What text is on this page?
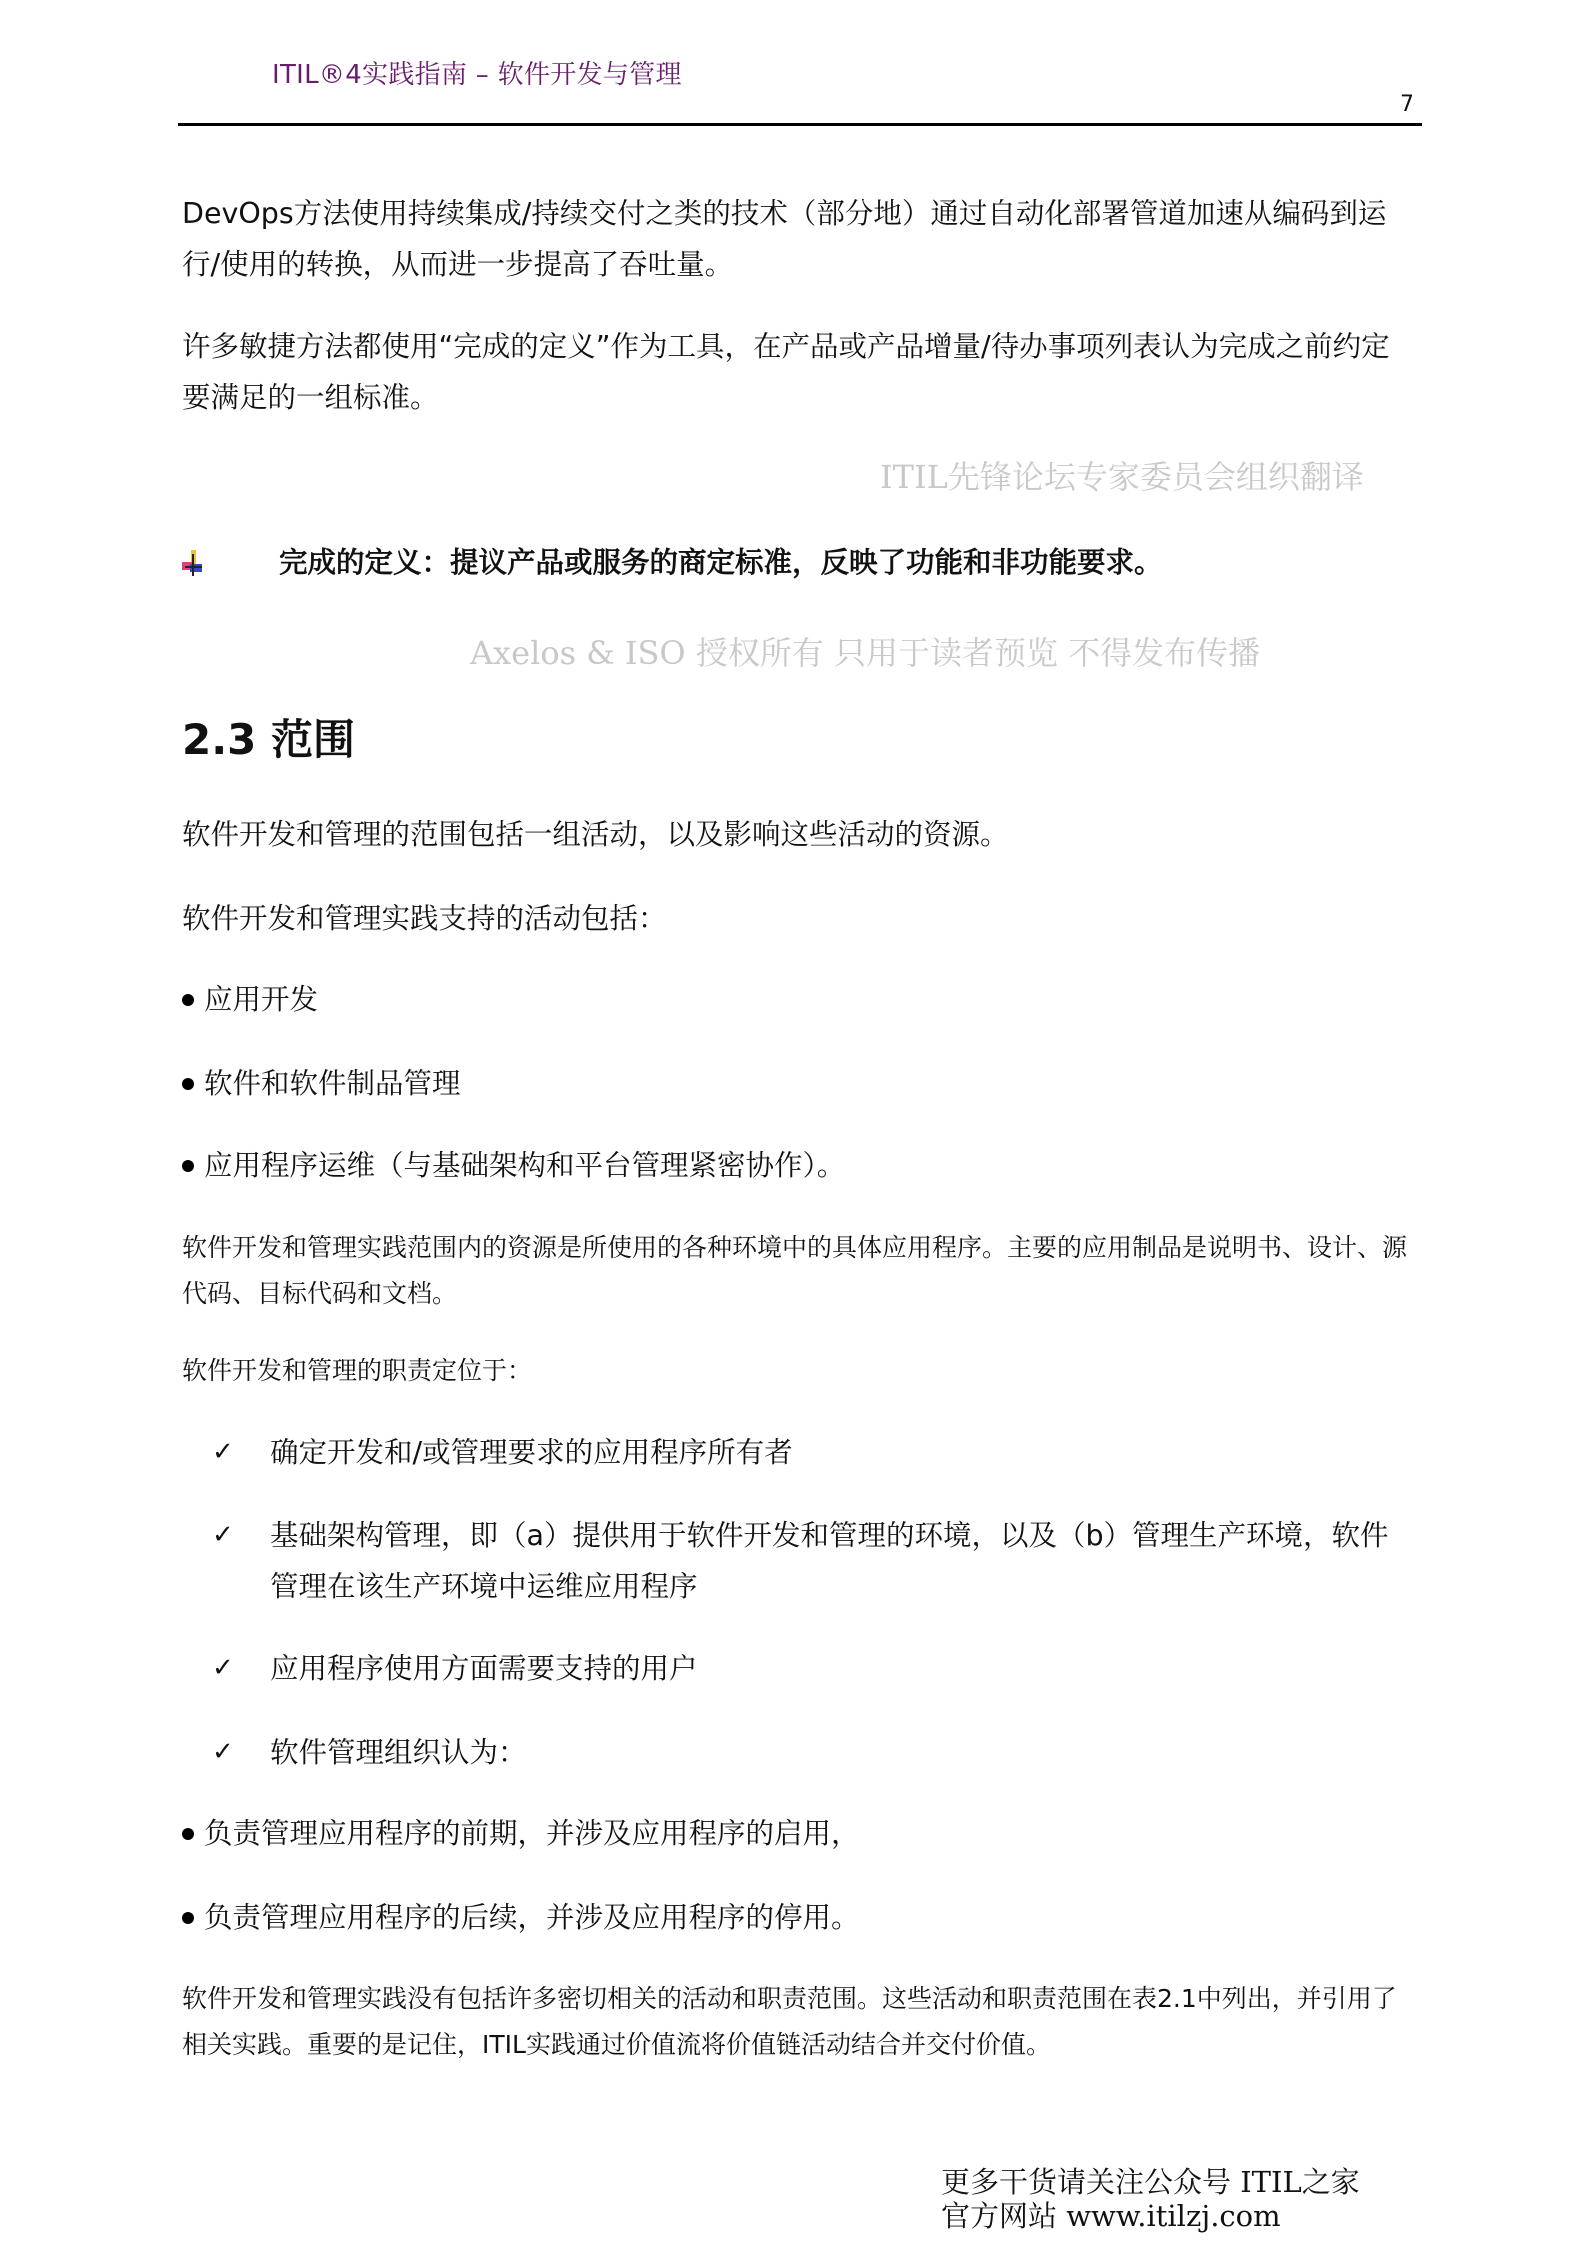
ITIL®4实践指南 – 软件开发与管理
7
ITIL先锋论坛专家委员会组织翻译
Axelos & ISO 授权所有 只用于读者预览 不得发布传播
DevOps方法使用持续集成/持续交付之类的技术（部分地）通过自动化部署管道加速从编码到运行/使用的转换，从而进一步提高了吞吐量。
许多敏捷方法都使用“完成的定义”作为工具，在产品或产品增量/待办事项列表认为完成之前约定要满足的一组标准。
完成的定义：提议产品或服务的商定标准，反映了功能和非功能要求。
2.3 范围
软件开发和管理的范围包括一组活动，以及影响这些活动的资源。
软件开发和管理实践支持的活动包括：
应用开发
软件和软件制品管理
应用程序运维（与基础架构和平台管理紧密协作）。
软件开发和管理实践范围内的资源是所使用的各种环境中的具体应用程序。主要的应用制品是说明书、设计、源代码、目标代码和文档。
软件开发和管理的职责定位于：
✓	确定开发和/或管理要求的应用程序所有者
✓	基础架构管理，即（a）提供用于软件开发和管理的环境，以及（b）管理生产环境，软件管理在该生产环境中运维应用程序
✓	应用程序使用方面需要支持的用户
✓	软件管理组织认为：
负责管理应用程序的前期，并涉及应用程序的启用，
负责管理应用程序的后续，并涉及应用程序的停用。
软件开发和管理实践没有包括许多密切相关的活动和职责范围。这些活动和职责范围在表2.1中列出，并引用了相关实践。重要的是记住，ITIL实践通过价值流将价值链活动结合并交付价值。
更多干货请关注公众号 ITIL之家
官方网站 www.itilzj.com
